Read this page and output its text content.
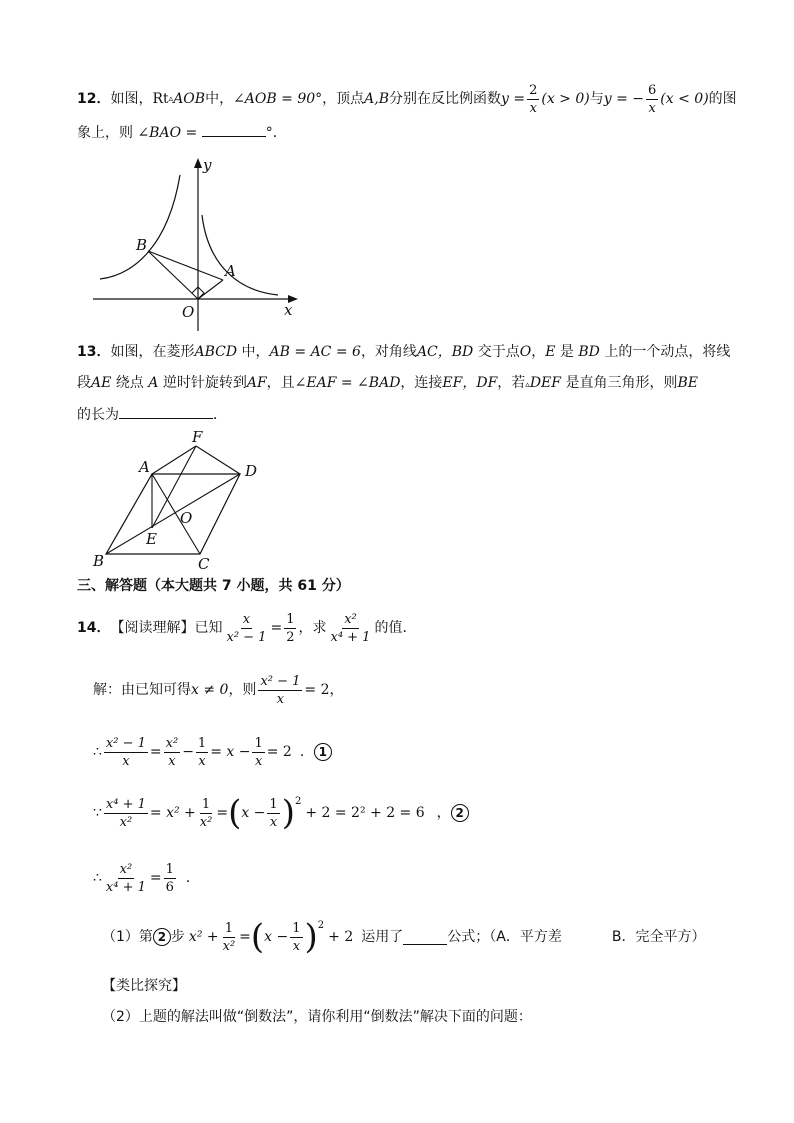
12． 如图， Rt ▵ AOB 中， ∠AOB = 90° ，顶点 A,B 分别在反比例函数 $y = \frac{2}{x} (x > 0)$ 与 y = − $\frac{6}{x} (x < 0)$ 的图
象上，则 ∠BAO =	°．
y
x
B
A
O
13．如图，在菱形ABCD 中，AB = AC = 6，对角线AC，BD 交于点O，E 是 BD 上的一个动点，将线
段AE 绕点 A 逆时针旋转到AF，且∠EAF = ∠BAD，连接EF，DF，若▵DEF 是直角三角形，则BE
的长为	．
F
A	D
O
E
B	C
三、解答题（本大题共 7 小题，共 61 分）
14． 【阅读理解】 已知 $\frac{x}{\text{x² − 1}} = \frac{1}{2}$ ，求 $\frac{\text{x²}}{\text{x⁴ + 1}}$ 的值．
解：由已知可得 x ≠ 0 ，则 $\frac{\text{x² − 1}}{x} = 2$ ，
∴ $\frac{\text{x² − 1}}{x} = \frac{\text{x²}}{x} - \frac{1}{x} = x - \frac{1}{x} = 2$ ． 1
∵ $\frac{\text{x⁴ + 1}}{\text{x²}} = x^2 + \frac{1}{\text{x²}}$ = ( $x - \frac{1}{x}$ ) 2
+ 2 = 2² + 2 = 6 ， 2
∴ $\frac{\text{x²}}{\text{x⁴ + 1}} = \frac{1}{6}$ ．
（1）第 2 步 $x^2 + \frac{1}{\text{x²}}$ = ( $x - \frac{1}{x}$ ) 2
+ 2 运用了	公式；（A．平方差	B．完全平方）
【类比探究】
（2）上题的解法叫做“倒数法”，请你利用“倒数法”解决下面的问题：
